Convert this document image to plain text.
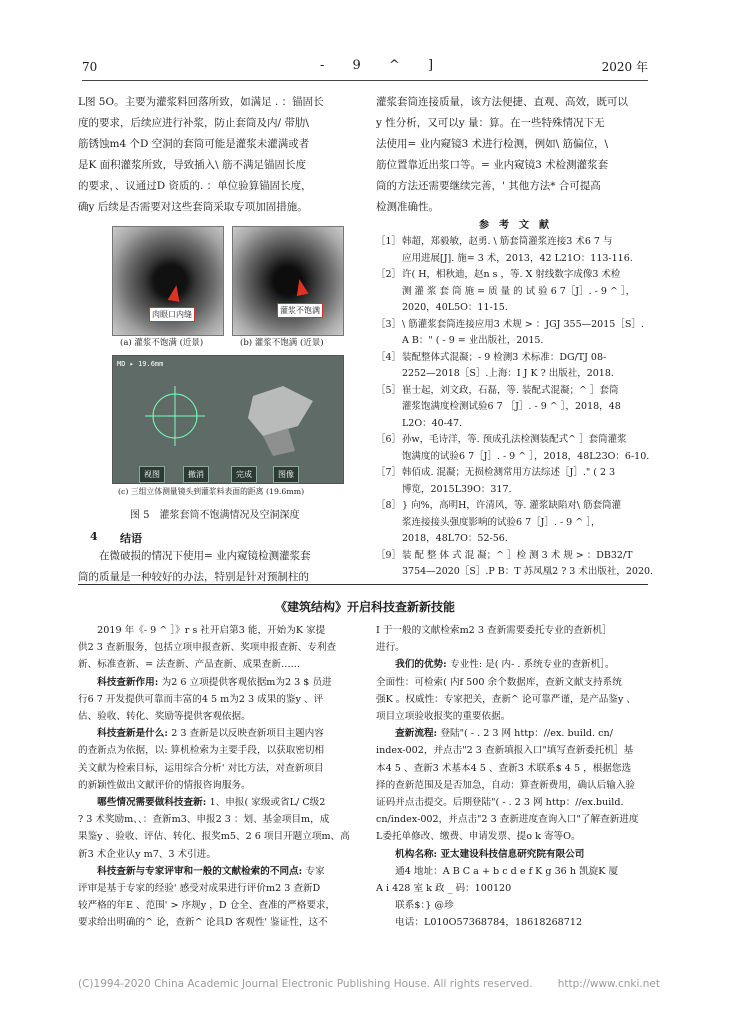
70	- 9 ^ ]	2020 年
L图 5O。主要为灌浆料回落所致，如满足 . ：锚固长
度的要求，后续应进行补浆，防止套筒及内/ 带肋\
筋锈蚀m4 个D 空洞的套筒可能是灌浆未灌满或者
是K 面积灌浆所致，导致插入\ 筋不满足锚固长度
的要求，、议通过D 资质的. ：单位验算锚固长度，
确y 后续是否需要对这些套筒采取专项加固措施。
肉眼口内缝	灌浆不饱满
(a) 灌浆不饱满 (近景)	(b) 灌浆不饱满 (近景)
MD ▸ 19.6mm
视图	撤消	完成	图像
(c) 三组立体测量镜头到灌浆料表面的距离 (19.6mm)
图 5　灌浆套筒不饱满情况及空洞深度
4 结语
　　在微破损的情况下使用= 业内窥镜检测灌浆套
筒的质量是一种较好的办法，特别是针对预制柱的
灌浆套筒连接质量，该方法便捷、直观、高效，既可以
y 性分析，又可以y 量：算。在一些特殊情况下无
法使用= 业内窥镜3 术进行检测，例如\ 筋偏位，\
筋位置靠近出浆口等。= 业内窥镜3 术检测灌浆套
筒的方法还需要继续完善，' 其他方法* 合可提高
检测准确性。
参　考　文　献
［1］ 韩超，郑毅敏，赵勇. \ 筋套筒灌浆连接3 术6 7 与
应用进展[J]. 施= 3 术，2013，42 L21O：113-116.
［2］ 许( H，相秋迪，赵n s ，等. X 射线数字成像3 术检
测 灌 浆 套 筒 施 = 质 量 的 试 验 6 7［J］. - 9 ^ ］，
2020，40L5O：11-15.
［3］ \ 筋灌浆套筒连接应用3 术规 > ：JGJ 355—2015［S］.
A B：" ( - 9 = 业出版社，2015.
［4］ 装配整体式混凝；- 9 检测3 术标准：DG/TJ 08-
2252—2018［S］.上海：I J K ? 出版社，2018.
［5］ 崔士起，刘文政，石磊，等. 装配式混凝；^ ］套筒
灌浆饱满度检测试验6 7 ［J］. - 9 ^ ］，2018，48
L2O：40-47.
［6］ 孙w，毛诗洋，等. 预成孔法检测装配式^ ］套筒灌浆
饱满度的试验6 7［J］. - 9 ^ ］，2018，48L23O：6-10.
［7］ 韩佰成. 混凝；无损检测常用方法综述［J］." ( 2 3
博览，2015L39O：317.
［8］ } 向%，高明H，许清风，等. 灌浆缺陷对\ 筋套筒灌
浆连接接头强度影响的试验6 7［J］. - 9 ^ ］，
2018，48L7O：52-56.
［9］ 装 配 整 体 式 混 凝；^ ］检 测 3 术 规 > ：DB32/T
3754—2020［S］.P B：T 苏凤凰2 ? 3 术出版社，2020.
《建筑结构》开启科技查新新技能
　　2019 年《- 9 ^ ］》r s 社开启第3 能，开始为K 家提
供2 3 查新服务，包括立项申报查新、奖项申报查新、专利查
新、标准查新、= 法查新、产品查新、成果查新……
　　科技查新作用: 为2 6 立项提供客观依据m为2 3 $ 员进
行6 7 开发提供可靠而丰富的4 5 m为2 3 成果的鉴y 、评
估、验收、转化、奖励等提供客观依据。
　　科技查新是什么: 2 3 查新是以反映查新项目主题内容
的查新点为依据，以: 算机检索为主要手段，以获取密切相
关文献为检索目标，运用综合分析' 对比方法，对查新项目
的新颖性做出文献评价的情报咨询服务。
　　哪些情况需要做科技查新: 1、申报( 家级或省L/ C级2
? 3 术奖励m、、：查新m3、申报2 3 ：划、基金项目m，成
果鉴y 、验收、评估、转化、报奖m5、2 6 项目开题立项m、高
新3 术企业认y m7、3 术引进。
　　科技查新与专家评审和一般的文献检索的不同点: 专家
评审是基于专家的经验' 感受对成果进行评价m2 3 查新D
较严格的年E 、范围' > 序规y ，D 仓全、查准的严格要求，
要求给出明确的^ 论，查新^ 论具D 客观性' 鉴证性，这不
I 于一般的文献检索m2 3 查新需要委托专业的查新机］
进行。
　　我们的优势: 专业性: 是( 内- . 系统专业的查新机］。
全面性：可检索( 内f 500 余个数据库，查新文献支持系统
强K 。权威性：专家把关，查新^ 论可靠严谨，是产品鉴y 、
项目立项验收报奖的重要依据。
　　查新流程: 登陆"( - . 2 3 网 http：//ex. build. cn/
index-002，并点击"2 3 查新填报入口"填写查新委托机］基
本4 5 、查新3 术基本4 5 、查新3 术联系$ 4 5 ，根据您选
择的查新范围及是否加急，自动：算查新费用，确认后输入验
证码并点击提交。后期登陆"( - . 2 3 网 http：//ex.build.
cn/index-002，并点击"2 3 查新进度查询入口"了解查新进度
L委托单修改、缴费、申请发票、提o k 寄等O。
　　机构名称: 亚太建设科技信息研究院有限公司
　　通4 地址：A B C a + b c d e f K g 36 h 凯旋K 厦
A i 428 室 k 政 _ 码：100120
　　联系$：} @珍
　　电话：L010O57368784，18618268712
(C)1994-2020 China Academic Journal Electronic Publishing House. All rights reserved. http://www.cnki.net
